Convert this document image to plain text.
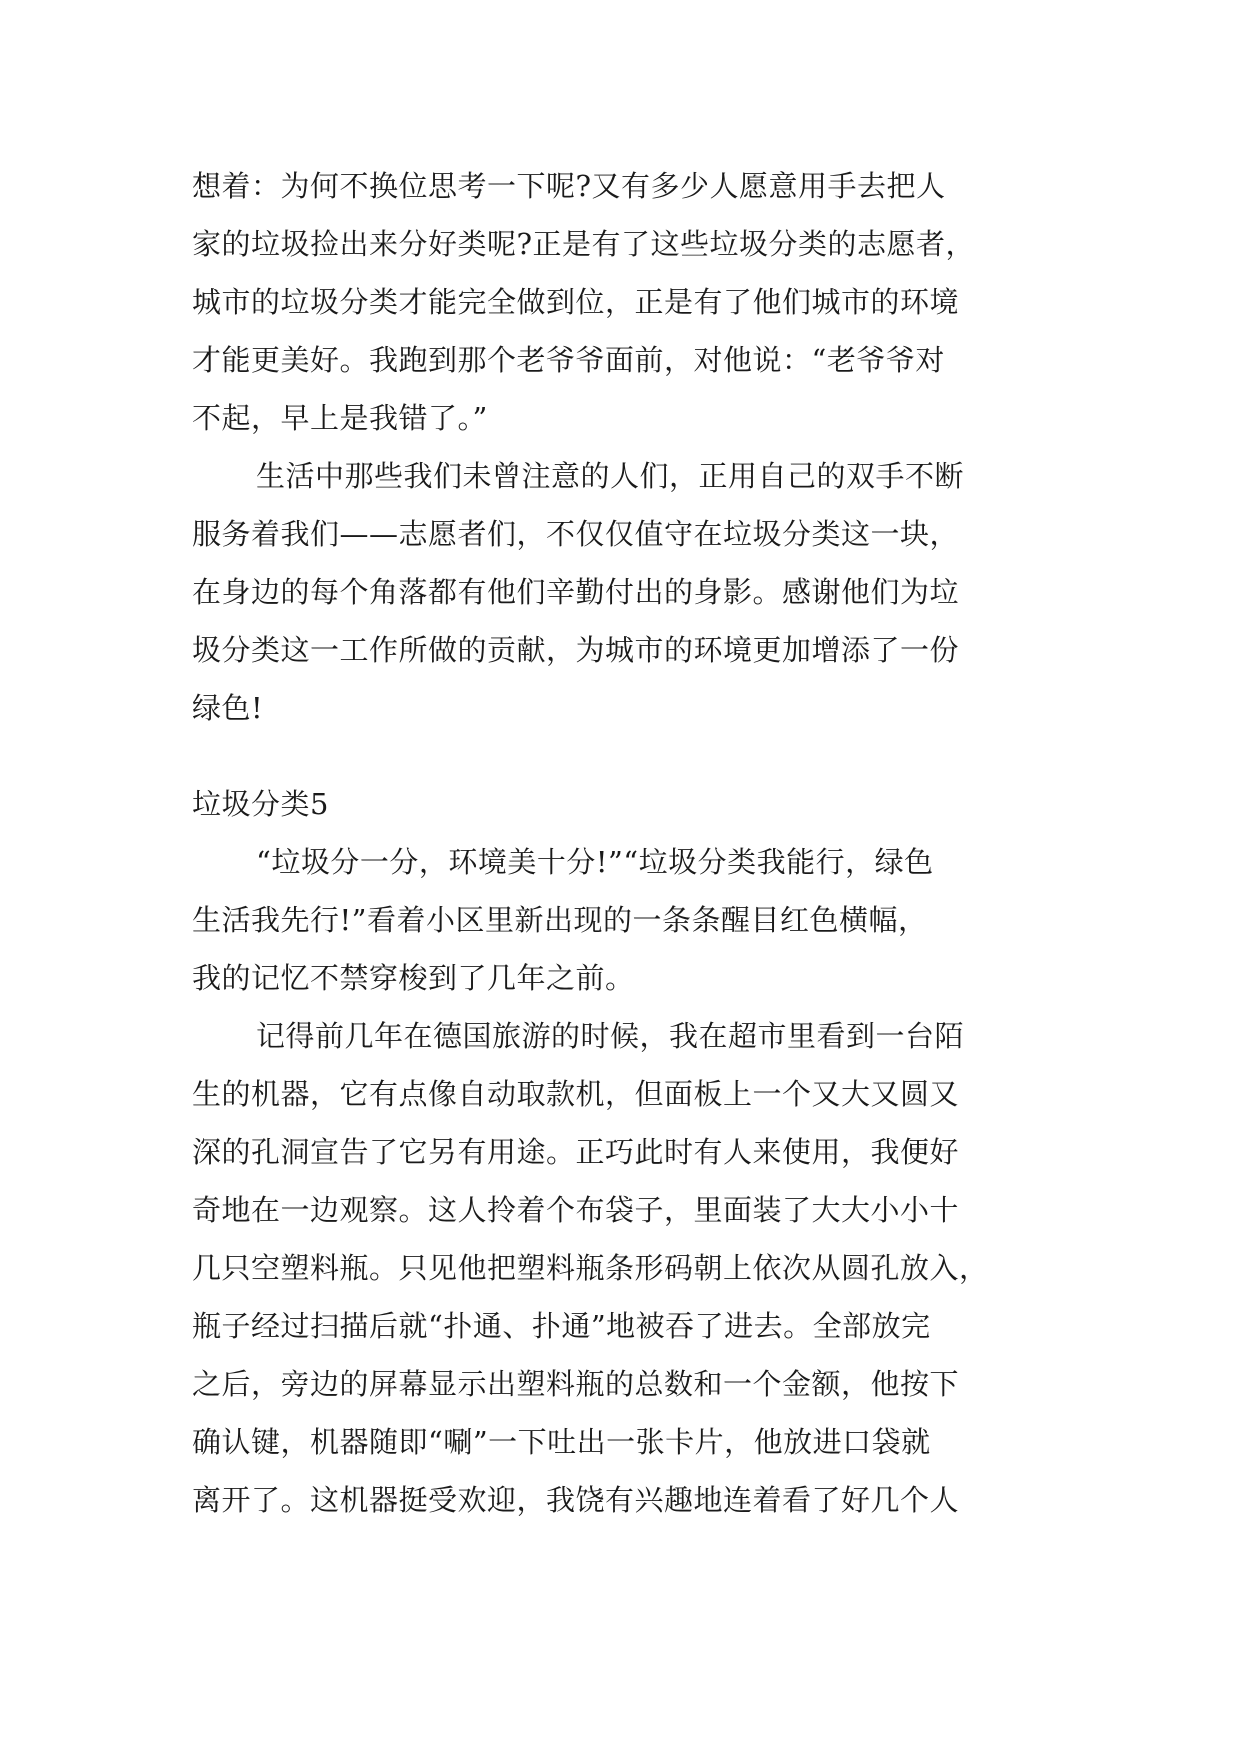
想着：为何不换位思考一下呢?又有多少人愿意用手去把人
家的垃圾捡出来分好类呢?正是有了这些垃圾分类的志愿者，
城市的垃圾分类才能完全做到位，正是有了他们城市的环境
才能更美好。我跑到那个老爷爷面前，对他说：“老爷爷对
不起，早上是我错了。”
生活中那些我们未曾注意的人们，正用自己的双手不断
服务着我们——志愿者们，不仅仅值守在垃圾分类这一块，
在身边的每个角落都有他们辛勤付出的身影。感谢他们为垃
圾分类这一工作所做的贡献，为城市的环境更加增添了一份
绿色!
垃圾分类5
“垃圾分一分，环境美十分!”“垃圾分类我能行，绿色
生活我先行!”看着小区里新出现的一条条醒目红色横幅，
我的记忆不禁穿梭到了几年之前。
记得前几年在德国旅游的时候，我在超市里看到一台陌
生的机器，它有点像自动取款机，但面板上一个又大又圆又
深的孔洞宣告了它另有用途。正巧此时有人来使用，我便好
奇地在一边观察。这人拎着个布袋子，里面装了大大小小十
几只空塑料瓶。只见他把塑料瓶条形码朝上依次从圆孔放入，
瓶子经过扫描后就“扑通、扑通”地被吞了进去。全部放完
之后，旁边的屏幕显示出塑料瓶的总数和一个金额，他按下
确认键，机器随即“唰”一下吐出一张卡片，他放进口袋就
离开了。这机器挺受欢迎，我饶有兴趣地连着看了好几个人
